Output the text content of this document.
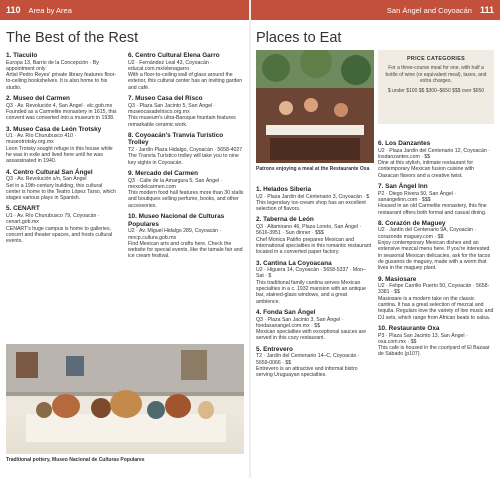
110 Area by Area	San Ángel and Coyoacán 111
The Best of the Rest	Places to Eat
1. Tlacuilo
Europa 13, Barrio de la Concepción · By appointment only
Artist Pedro Reyes' private library features floor-to-ceiling bookshelves. It is also home to his studio.
2. Museo del Carmen
Q3 · Av. Revolución 4, San Ángel · elc.gob.mx
Founded as a Carmelite monastery in 1615, this convent was converted into a museum in 1938.
3. Museo Casa de León Trotsky
U1 · Av. Río Churubusco 410 · museotrotsky.org.mx
Leon Trotsky sought refuge in this house while he was in exile and lived here until he was assassinated in 1940.
4. Centro Cultural San Ángel
Q3 · Av. Revolución s/n, San Ángel
Set in a 19th-century building, this cultural center is home to the Teatro López Tarso, which stages various plays in Spanish.
5. CENART
U1 · Av. Río Churubusco 79, Coyoacán · cenart.gob.mx
CENART's huge campus is home to galleries, concert and theater spaces, and hosts cultural events.
6. Centro Cultural Elena Garro
U2 · Fernández Leal 43, Coyoacán · educal.com.mx/elenagarro
With a floor-to-ceiling wall of glass around the exterior, this cultural center has an inviting garden and café.
7. Museo Casa del Risco
Q3 · Plaza San Jacinto 5, San Ángel · museocasadelrisco.org.mx
This museum's ultra-Baroque fountain features remarkable ceramic work.
8. Coyoacán's Tranvía Turístico Trolley
T2 · Jardín Plaza Hidalgo, Coyoacán · 5658-4027
The Tranvía Turístico trolley will take you to nine key sights in Coyoacán.
9. Mercado del Carmen
Q3 · Calle de la Amargura 5, San Ángel · mexcdelcarmen.com
This modern food hall features more than 30 stalls and boutiques selling perfume, books, and other accessories.
10. Museo Nacional de Culturas Populares
U2 · Av. Miguel Hidalgo 289, Coyoacán · mncp.cultura.gob.mx
Find Mexican arts and crafts here. Check the website for special events, like the tamale fair and ice cream festival.
Traditional pottery, Museo Nacional de Culturas Populares
Patrons enjoying a meal at the Restaurante Oxa
PRICE CATEGORIES
For a three-course meal for one, with half a bottle of wine (or equivalent meal), taxes, and extra charges.
$ under $100 $$ $300–$650 $$$ over $650
1. Helados Siberia
U2 · Plaza Jardín del Centenario 3, Coyoacán · $
This legendary ice-cream shop has an excellent selection of flavors.
2. Taberna de León
Q3 · Altamirano 46, Plaza Loreto, San Ángel · 5616-3951 · Sun dinner · $$$
Chef Monica Patiño prepares Mexican and international specialties in this romantic restaurant located in a converted paper factory.
3. Cantina La Coyoacana
U2 · Higuera 14, Coyoacán · 5658-5337 · Mon–Sat · $
This traditional family cantina serves Mexican specialties in a c. 1932 mansion with an antique bar, stained-glass windows, and a great ambience.
4. Fonda San Ángel
Q3 · Plaza San Jacinto 3, San Ángel · fondasanangel.com.mx · $$
Mexican specialties with exceptional sauces are served in this cozy restaurant.
5. Entrevero
T2 · Jardín del Centenario 14–C, Coyoacán · 5659-0066 · $$
Entrevero is an attractive and informal bistro serving Uruguayan specialties.
6. Los Danzantes
U2 · Plaza Jardín del Centenario 12, Coyoacán · losdanzantes.com · $$
Dine at this stylish, intimate restaurant for contemporary Mexican fusion cuisine with Oaxacan flavors and a creative twist.
7. San Ángel Inn
P2 · Diego Rivera 50, San Ángel · sanangelinn.com · $$$
Housed in an old Carmelite monastery, this fine restaurant offers both formal and casual dining.
8. Corazón de Maguey
U2 · Jardín del Centenario 9A, Coyoacán · corazonde maguey.com · $$
Enjoy contemporary Mexican dishes and an extensive mezcal menu here. If you're interested in seasonal Mexican delicacies, ask for the tacos de gusanos de maguey, made with a worm that lives in the maguey plant.
9. Masiosare
U2 · Felipe Carrillo Puerto 50, Coyoacán · 5658-3381 · $$
Masiosare is a modern take on the classic cantina. It has a great selection of mezcal and tequila. Regulars love the variety of live music and DJ sets, which range from African beats to salsa.
10. Restaurante Oxa
P3 · Plaza San Jacinto 13, San Ángel · oxa.com.mx · $$
This cafe is housed in the courtyard of El Bazaar de Sábado (p107).
